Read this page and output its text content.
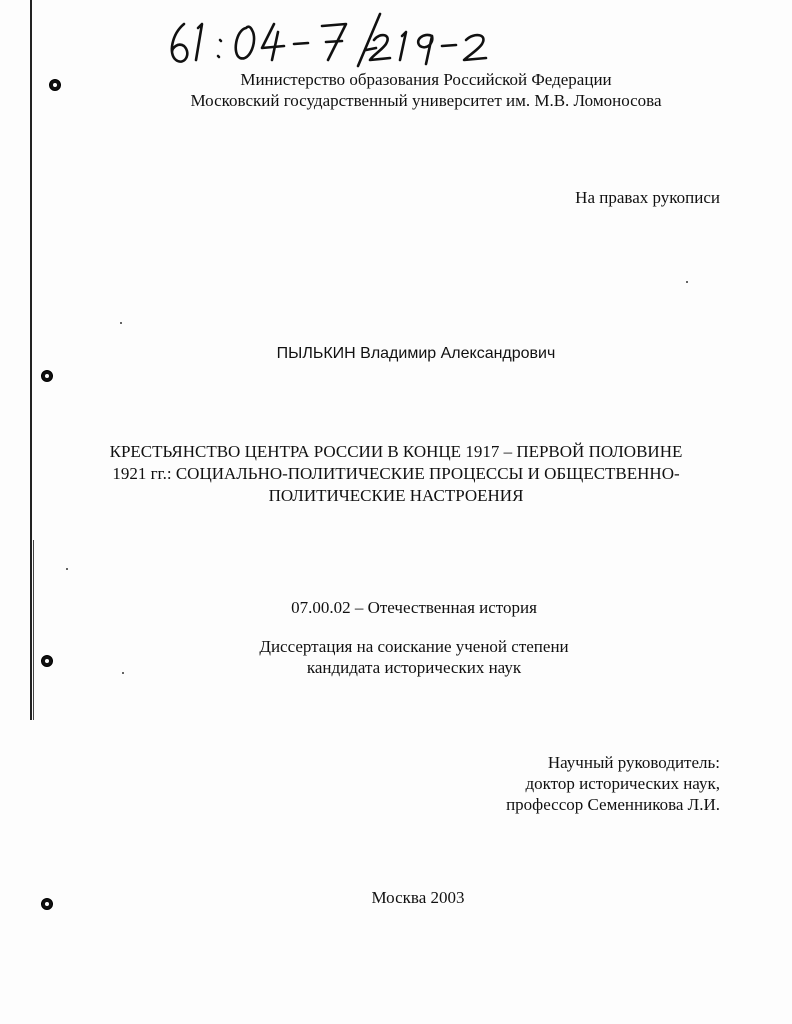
Министерство образования Российской Федерации
Московский государственный университет им. М.В. Ломоносова
На правах рукописи
ПЫЛЬКИН Владимир Александрович
КРЕСТЬЯНСТВО ЦЕНТРА РОССИИ В КОНЦЕ 1917 – ПЕРВОЙ ПОЛОВИНЕ
1921 гг.: СОЦИАЛЬНО-ПОЛИТИЧЕСКИЕ ПРОЦЕССЫ И ОБЩЕСТВЕННО-
ПОЛИТИЧЕСКИЕ НАСТРОЕНИЯ
07.00.02 – Отечественная история
Диссертация на соискание ученой степени
кандидата исторических наук
Научный руководитель:
доктор исторических наук,
профессор Семенникова Л.И.
Москва 2003
